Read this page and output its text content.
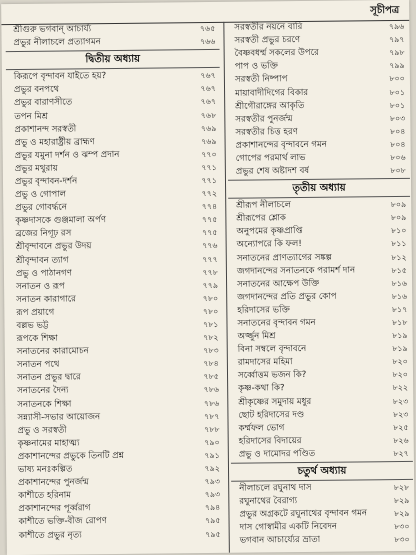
সূচীপত্র
শ্রীগুরু ভগবান্‌ আচার্য্য	৭৬৫
প্রভুর নীলাচলে প্রত্যাগমন	৭৬৬
দ্বিতীয় অধ্যায়
কিরূপে বৃন্দাবন যাইতে হয়?	৭৬৭
প্রভুর বনপথে	৭৬৭
প্রভুর বারাণসীতে	৭৬৭
তপন মিশ্র	৭৬৮
প্রকাশানন্দ সরস্বতী	৭৬৯
প্রভু ও মহারাষ্ট্রীয় ব্রাহ্মণ	৭৬৯
প্রভুর যমুনা দর্শন ও ঝম্প প্রদান	৭৭০
প্রভুর মথুরায়	৭৭১
প্রভুর বৃন্দাবন-দর্শন	৭৭১
প্রভু ও গোপাল	৭৭২
প্রভুর গোবর্দ্ধনে	৭৭৪
কৃষ্ণদাসকে গুঞ্জমালা অর্পণ	৭৭৫
ব্রজের নিগূঢ় রস	৭৭৫
শ্রীবৃন্দাবনে প্রভুর উদয়	৭৭৬
শ্রীবৃন্দাবন ত্যাগ	৭৭৭
প্রভু ও পাঠানগণ	৭৭৮
সনাতন ও রূপ	৭৭৯
সনাতন কারাগারে	৭৮০
রূপ প্রয়াগে	৭৮০
বল্লভ ভট্ট	৭৮১
রূপকে শিক্ষা	৭৮২
সনাতনের কারামোচন	৭৮৩
সনাতন পথে	৭৮৪
সনাতন প্রভুর দ্বারে	৭৮৫
সনাতনের দৈন্য	৭৮৬
সনাতনকে শিক্ষা	৭৮৬
সন্ন্যাসী-সভার আয়োজন	৭৮৭
প্রভু ও সরস্বতী	৭৮৮
কৃষ্ণনামের মাহাত্ম্য	৭৯০
প্রকাশানন্দের প্রভুকে তিনটি প্রশ্ন	৭৯১
ভাষ্য মনঃকল্পিত	৭৯২
প্রকাশানন্দের পুনর্জন্ম	৭৯৩
কাশীতে হরিনাম	৭৯৩
প্রকাশানন্দের পূর্ব্বরাগ	৭৯৪
কাশীতে ভক্তি-বীজ রোপণ	৭৯৫
কাশীতে প্রভুর নৃত্য	৭৯৫
সরস্বতীর নয়নে বারি	৭৯৬
সরস্বতী প্রভুর চরণে	৭৯৭
বৈষ্ণবধর্ম্ম সকলের উপরে	৭৯৮
পাপ ও ভক্তি	৭৯৯
সরস্বতী নিষ্পাপ	৮০০
মায়াবাদীদিগের বিকার	৮০১
শ্রীগৌরাঙ্গের আকৃতি	৮০১
সরস্বতীর পুনর্জন্ম	৮০৩
সরস্বতীর চিত্ত হরণ	৮০৪
প্রকাশানন্দের বৃন্দাবনে গমন	৮০৪
গোপের পরমার্থ লাভ	৮০৬
প্রভুর শেষ অষ্টাদশ বর্ষ	৮০৮
তৃতীয় অধ্যায়
শ্রীরূপ নীলাচলে	৮০৯
শ্রীরূপের শ্লোক	৮০৯
অনুপমের কৃষ্ণপ্রাপ্তি	৮১০
অন্যোপরে কি ফল!	৮১১
সনাতনের প্রাণত্যাগের সঙ্কল্প	৮১২
জগদানন্দের সনাতনকে পরামর্শ দান	৮১৫
সনাতনের আক্ষেপ উক্তি	৮১৬
জগদানন্দের প্রতি প্রভুর কোপ	৮১৬
হরিদাসের ভক্তি	৮১৭
সনাতনের বৃন্দাবন গমন	৮১৮
অর্জ্জুন মিশ্র	৮১৯
বিনা সম্বলে বৃন্দাবনে	৮১৯
রামদাসের মহিমা	৮২০
সর্ব্বোত্তম ভজন কি?	৮২০
কৃষ্ণ-কথা কি?	৮২২
শ্রীকৃষ্ণের সমুদায় মধুর	৮২৩
ছোট হরিদাসের দণ্ড	৮২৩
কর্ম্মফল ভোগ	৮২৫
হরিদাসের বিদায়ের	৮২৬
প্রভু ও দামোদর পণ্ডিত	৮২৭
চতুর্থ অধ্যায়
নীলাচলে রঘুনাথ দাস	৮২৮
রঘুনাথের বৈরাগ্য	৮২৯
প্রভুর অগ্রকটে রঘুনাথের বৃন্দাবন গমন	৮২৯
দাস গোস্বামীর একটি নিবেদন	৮৩০
ভগবান আচার্য্যের ভ্রাতা	৮৩০
